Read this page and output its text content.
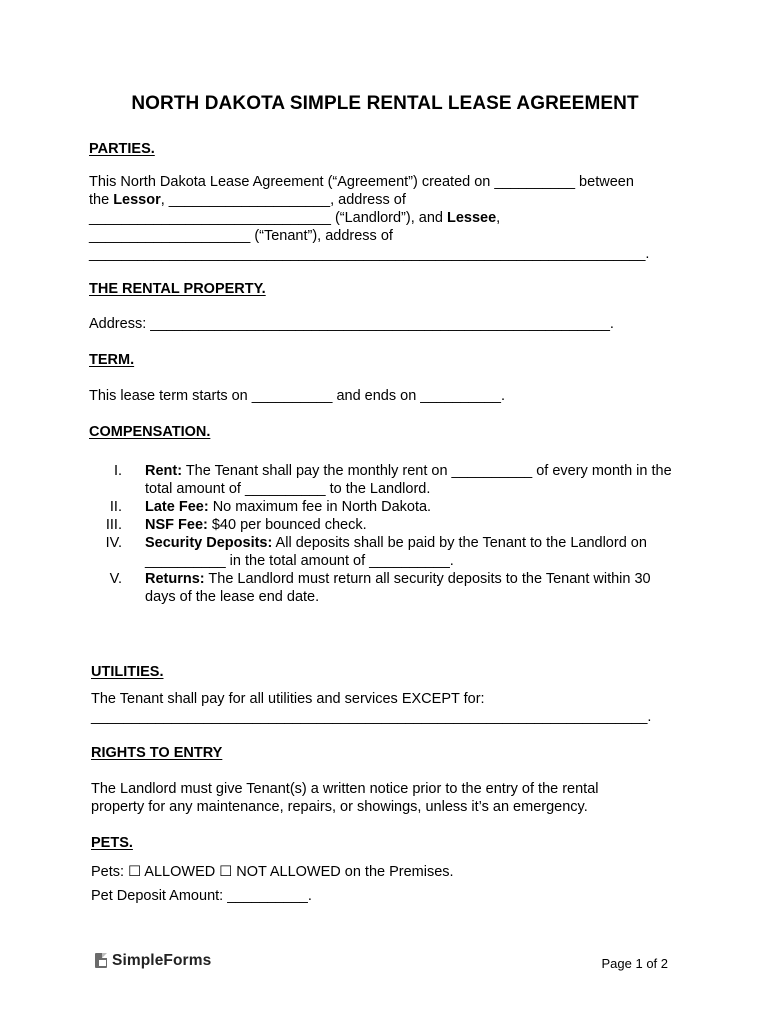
NORTH DAKOTA SIMPLE RENTAL LEASE AGREEMENT
PARTIES.
This North Dakota Lease Agreement (“Agreement”) created on __________ between
the Lessor, ____________________, address of
______________________________ (“Landlord”), and Lessee,
____________________ (“Tenant”), address of
_____________________________________________________________________.
THE RENTAL PROPERTY.
Address: _________________________________________________________.
TERM.
This lease term starts on __________ and ends on __________.
COMPENSATION.
I. Rent: The Tenant shall pay the monthly rent on __________ of every month in the total amount of __________ to the Landlord.
II. Late Fee: No maximum fee in North Dakota.
III. NSF Fee: $40 per bounced check.
IV. Security Deposits: All deposits shall be paid by the Tenant to the Landlord on __________ in the total amount of __________.
V. Returns: The Landlord must return all security deposits to the Tenant within 30 days of the lease end date.
UTILITIES.
The Tenant shall pay for all utilities and services EXCEPT for:
_____________________________________________________________________.
RIGHTS TO ENTRY
The Landlord must give Tenant(s) a written notice prior to the entry of the rental
property for any maintenance, repairs, or showings, unless it’s an emergency.
PETS.
Pets: ☐ ALLOWED ☐ NOT ALLOWED on the Premises.
Pet Deposit Amount: __________.
SimpleForms	Page 1 of 2
